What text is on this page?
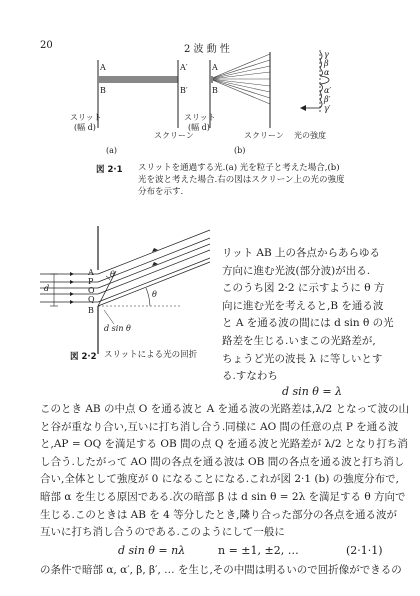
20	2 波 動 性
A
B
A′
B′
A
B
スリット
(幅 d)
スクリーン
スリット
(幅 d)
スクリーン 光の強度
γ
β
α
α′
β′
γ′
(a)	(b)
図 2·1 スリットを通過する光.(a) 光を粒子と考えた場合,(b)
光を波と考えた場合.右の図はスクリーン上の光の強度
分布を示す.
A
P
O
Q
B
d
θ
θ
d sin θ
図 2·2 スリットによる光の回折
リット AB 上の各点からあらゆる
方向に進む光波(部分波)が出る.
このうち図 2·2 に示すように θ 方
向に進む光を考えると,B を通る波
と A を通る波の間には d sin θ の光
路差を生じる.いまこの光路差が,
ちょうど光の波長 λ に等しいとす
る.すなわち
d sin θ = λ
このとき AB の中点 O を通る波と A を通る波の光路差は,λ/2 となって波の山
と谷が重なり合い,互いに打ち消し合う.同様に AO 間の任意の点 P を通る波
と,AP = OQ を満足する OB 間の点 Q を通る波と光路差が λ/2 となり打ち消
し合う.したがって AO 間の各点を通る波は OB 間の各点を通る波と打ち消し
合い,全体として強度が 0 になることになる.これが図 2·1 (b) の強度分布で,
暗部 α を生じる原因である.次の暗部 β は d sin θ = 2λ を満足する θ 方向で
生じる.このときは AB を 4 等分したとき,隣り合った部分の各点を通る波が
互いに打ち消し合うのである.このようにして一般に
d sin θ = nλ	n = ±1, ±2, …	(2·1·1)
の条件で暗部 α, α′, β, β′, … を生じ,その中間は明るいので回折像ができるの
